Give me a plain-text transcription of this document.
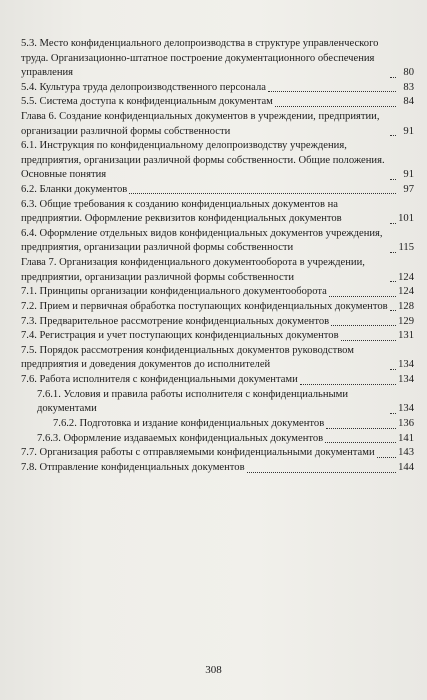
5.3. Место конфиденциального делопроизводства в структуре управленческого труда. Организационно-штатное построение документационного обеспечения управления	80
5.4. Культура труда делопроизводственного персонала	83
5.5. Система доступа к конфиденциальным документам	84
Глава 6. Создание конфиденциальных документов в учреждении, предприятии, организации различной формы собственности	91
6.1. Инструкция по конфиденциальному делопроизводству учреждения, предприятия, организации различной формы собственности. Общие положения. Основные понятия	91
6.2. Бланки документов	97
6.3. Общие требования к созданию конфиденциальных документов на предприятии. Оформление реквизитов конфиденциальных документов	101
6.4. Оформление отдельных видов конфиденциальных документов учреждения, предприятия, организации различной формы собственности	115
Глава 7. Организация конфиденциального документооборота в учреждении, предприятии, организации различной формы собственности	124
7.1. Принципы организации конфиденциального документооборота	124
7.2. Прием и первичная обработка поступающих конфиденциальных документов 128
7.3. Предварительное рассмотрение конфиденциальных документов	129
7.4. Регистрация и учет поступающих конфиденциальных документов	131
7.5. Порядок рассмотрения конфиденциальных документов руководством предприятия и доведения документов до исполнителей	134
7.6. Работа исполнителя с конфиденциальными документами	134
7.6.1. Условия и правила работы исполнителя с конфиденциальными документами	134
7.6.2. Подготовка и издание конфиденциальных документов	136
7.6.3. Оформление издаваемых конфиденциальных документов	141
7.7. Организация работы с отправляемыми конфиденциальными документами 143
7.8. Отправление конфиденциальных документов	144
308
